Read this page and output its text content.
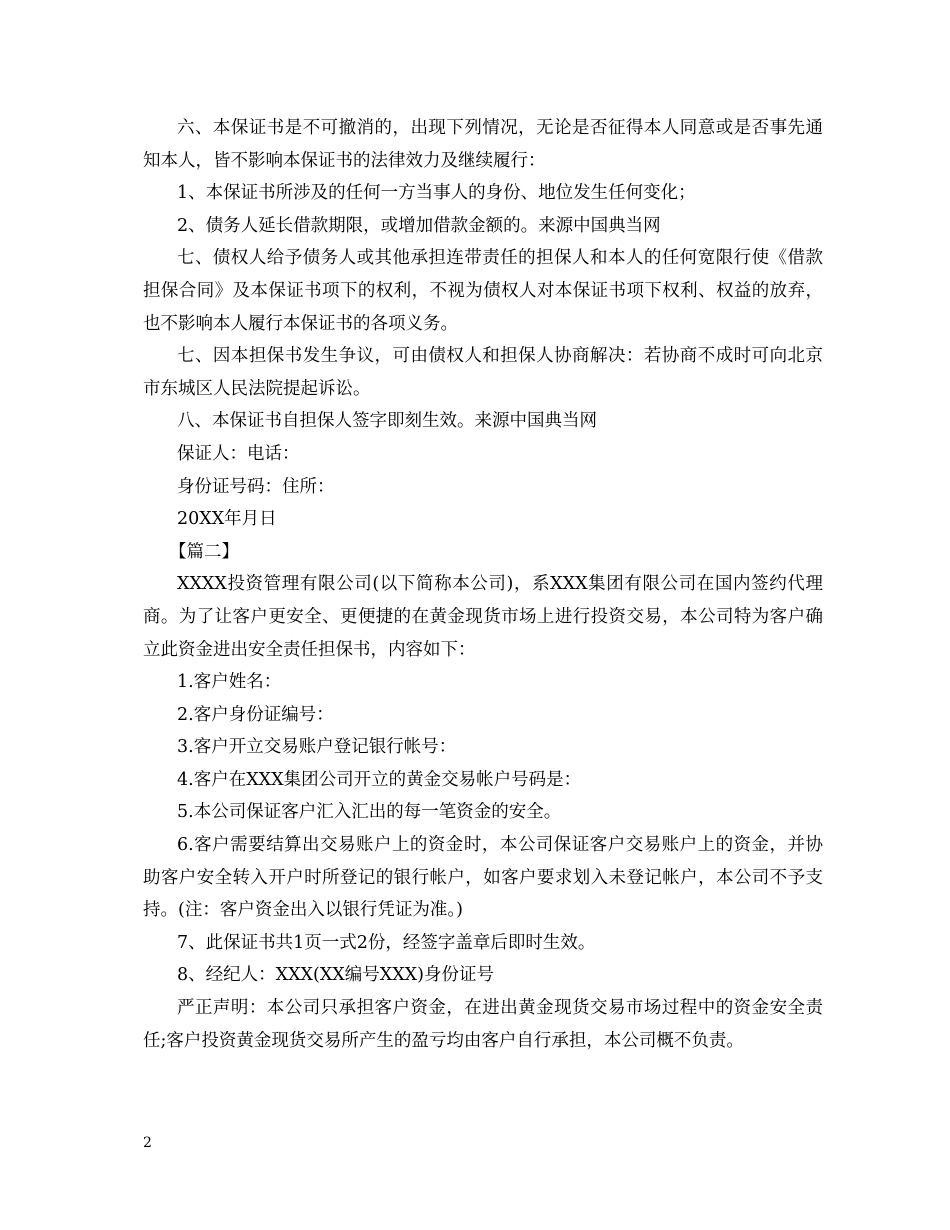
六、本保证书是不可撤消的，出现下列情况，无论是否征得本人同意或是否事先通知本人，皆不影响本保证书的法律效力及继续履行：

1、本保证书所涉及的任何一方当事人的身份、地位发生任何变化；

2、债务人延长借款期限，或增加借款金额的。来源中国典当网

七、债权人给予债务人或其他承担连带责任的担保人和本人的任何宽限行使《借款担保合同》及本保证书项下的权利，不视为债权人对本保证书项下权利、权益的放弃，也不影响本人履行本保证书的各项义务。

七、因本担保书发生争议，可由债权人和担保人协商解决：若协商不成时可向北京市东城区人民法院提起诉讼。

八、本保证书自担保人签字即刻生效。来源中国典当网

保证人：电话：

身份证号码：住所：

20XX年月日

【篇二】

XXXX投资管理有限公司(以下简称本公司)，系XXX集团有限公司在国内签约代理商。为了让客户更安全、更便捷的在黄金现货市场上进行投资交易，本公司特为客户确立此资金进出安全责任担保书，内容如下：

1.客户姓名：

2.客户身份证编号：

3.客户开立交易账户登记银行帐号：

4.客户在XXX集团公司开立的黄金交易帐户号码是：

5.本公司保证客户汇入汇出的每一笔资金的安全。

6.客户需要结算出交易账户上的资金时，本公司保证客户交易账户上的资金，并协助客户安全转入开户时所登记的银行帐户，如客户要求划入未登记帐户，本公司不予支持。(注：客户资金出入以银行凭证为准。)

7、此保证书共1页一式2份，经签字盖章后即时生效。

8、经纪人：XXX(XX编号XXX)身份证号

严正声明：本公司只承担客户资金，在进出黄金现货交易市场过程中的资金安全责任;客户投资黄金现货交易所产生的盈亏均由客户自行承担，本公司概不负责。

2
